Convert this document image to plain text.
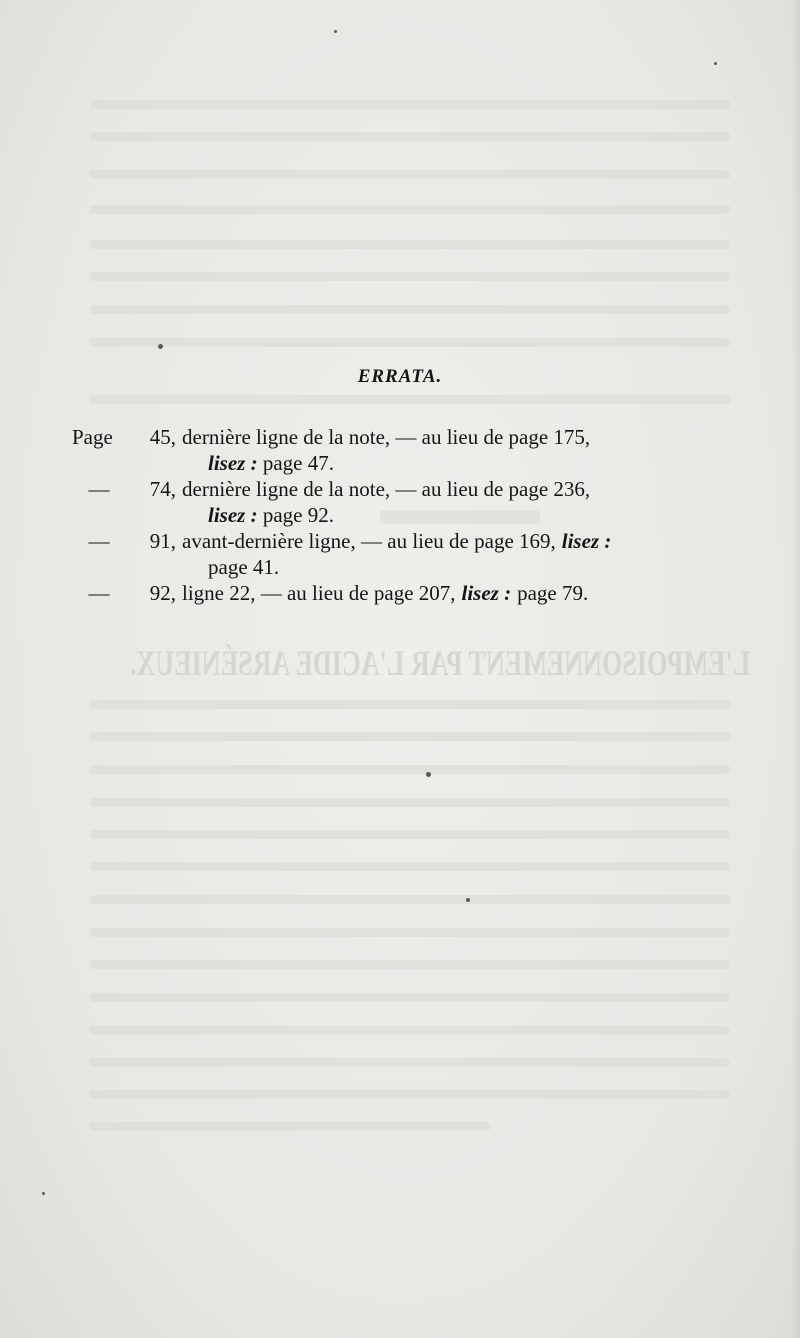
L'EMPOISONNEMENT PAR L'ACIDE ARSÉNIEUX.
ERRATA.
Page	45, dernière ligne de la note, — au lieu de page 175,
lisez : page 47.
—	74, dernière ligne de la note, — au lieu de page 236,
lisez : page 92.
—	91, avant-dernière ligne, — au lieu de page 169, lisez :
page 41.
—	92, ligne 22, — au lieu de page 207, lisez : page 79.
